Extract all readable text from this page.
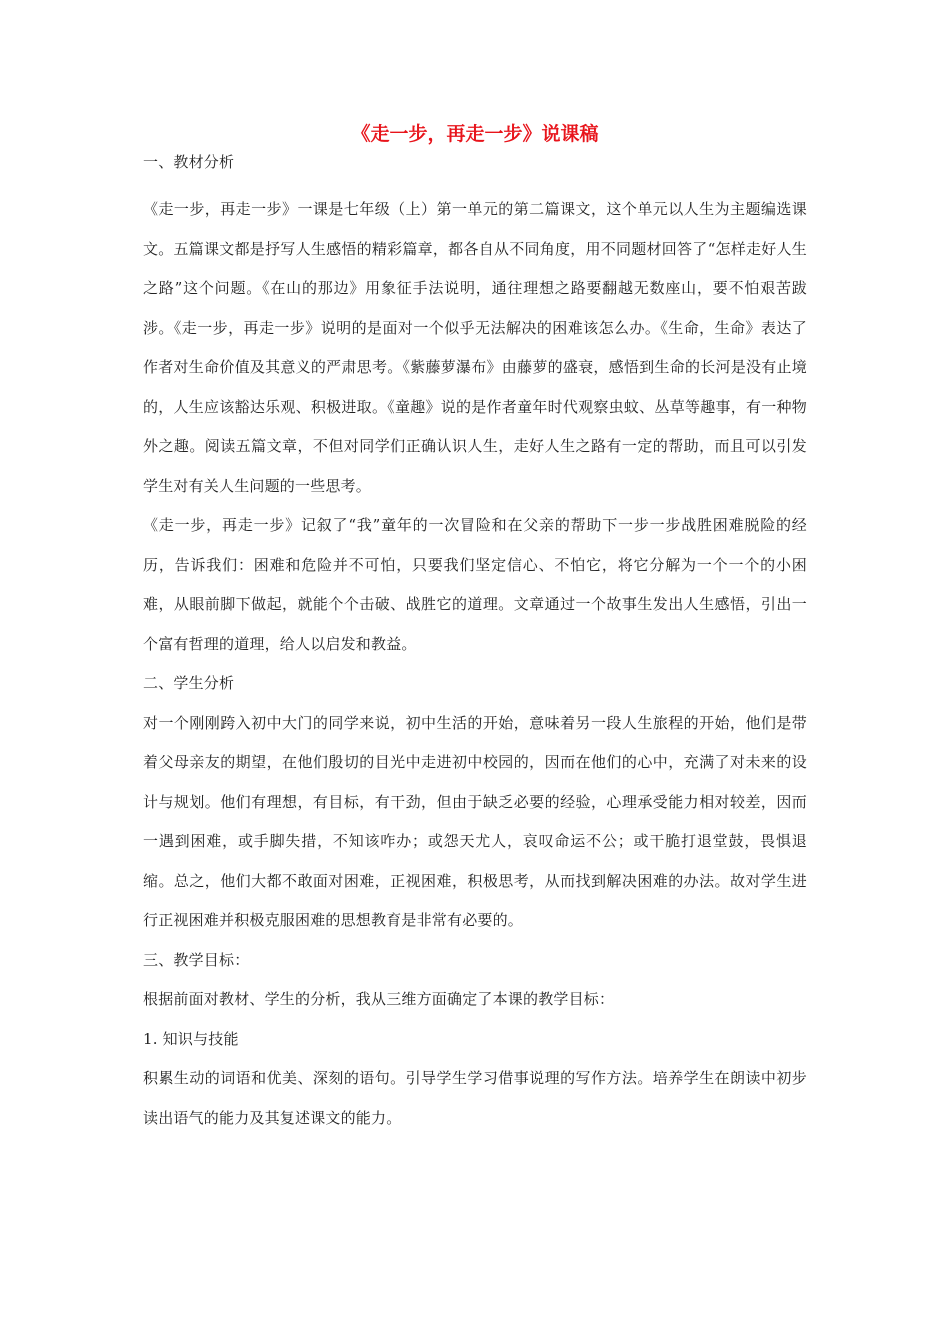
《走一步，再走一步》说课稿

一、教材分析

《走一步，再走一步》一课是七年级（上）第一单元的第二篇课文，这个单元以人生为主题编选课文。五篇课文都是抒写人生感悟的精彩篇章，都各自从不同角度，用不同题材回答了“怎样走好人生之路”这个问题。《在山的那边》用象征手法说明，通往理想之路要翻越无数座山，要不怕艰苦跋涉。《走一步，再走一步》说明的是面对一个似乎无法解决的困难该怎么办。《生命，生命》表达了作者对生命价值及其意义的严肃思考。《紫藤萝瀑布》由藤萝的盛衰，感悟到生命的长河是没有止境的，人生应该豁达乐观、积极进取。《童趣》说的是作者童年时代观察虫蚊、丛草等趣事，有一种物外之趣。阅读五篇文章，不但对同学们正确认识人生，走好人生之路有一定的帮助，而且可以引发学生对有关人生问题的一些思考。

《走一步，再走一步》记叙了“我”童年的一次冒险和在父亲的帮助下一步一步战胜困难脱险的经历，告诉我们：困难和危险并不可怕，只要我们坚定信心、不怕它，将它分解为一个一个的小困难，从眼前脚下做起，就能个个击破、战胜它的道理。文章通过一个故事生发出人生感悟，引出一个富有哲理的道理，给人以启发和教益。

二、学生分析

对一个刚刚跨入初中大门的同学来说，初中生活的开始，意味着另一段人生旅程的开始，他们是带着父母亲友的期望，在他们殷切的目光中走进初中校园的，因而在他们的心中，充满了对未来的设计与规划。他们有理想，有目标，有干劲，但由于缺乏必要的经验，心理承受能力相对较差，因而一遇到困难，或手脚失措，不知该咋办；或怨天尤人，哀叹命运不公；或干脆打退堂鼓，畏惧退缩。总之，他们大都不敢面对困难，正视困难，积极思考，从而找到解决困难的办法。故对学生进行正视困难并积极克服困难的思想教育是非常有必要的。

三、教学目标：

根据前面对教材、学生的分析，我从三维方面确定了本课的教学目标：

1. 知识与技能

积累生动的词语和优美、深刻的语句。引导学生学习借事说理的写作方法。培养学生在朗读中初步读出语气的能力及其复述课文的能力。
